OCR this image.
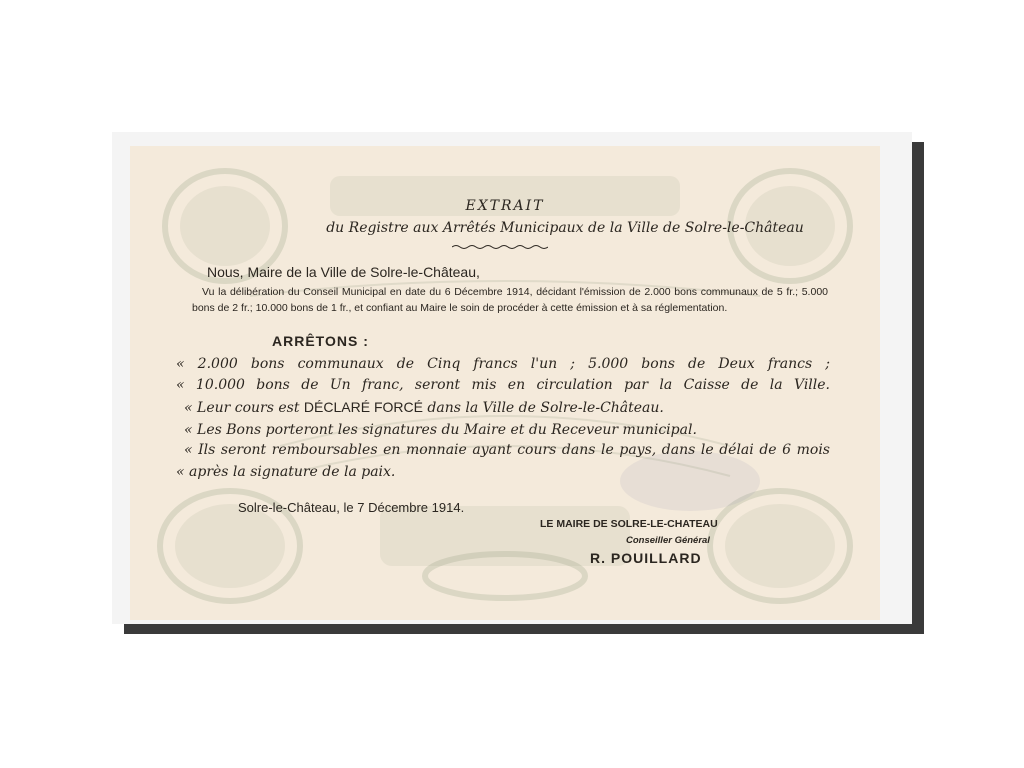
EXTRAIT
du Registre aux Arrêtés Municipaux de la Ville de Solre-le-Château
Nous, Maire de la Ville de Solre-le-Château,
Vu la délibération du Conseil Municipal en date du 6 Décembre 1914, décidant l'émission de 2.000 bons communaux de 5 fr.; 5.000 bons de 2 fr.; 10.000 bons de 1 fr., et confiant au Maire le soin de procéder à cette émission et à sa réglementation.
ARRÊTONS :
« 2.000 bons communaux de Cinq francs l'un ; 5.000 bons de Deux francs ;
« 10.000 bons de Un franc, seront mis en circulation par la Caisse de la Ville.
« Leur cours est DÉCLARÉ FORCÉ dans la Ville de Solre-le-Château.
« Les Bons porteront les signatures du Maire et du Receveur municipal.
« Ils seront remboursables en monnaie ayant cours dans le pays, dans le délai de 6 mois
« après la signature de la paix.
Solre-le-Château, le 7 Décembre 1914.
LE MAIRE DE SOLRE-LE-CHATEAU
Conseiller Général
R. POUILLARD
